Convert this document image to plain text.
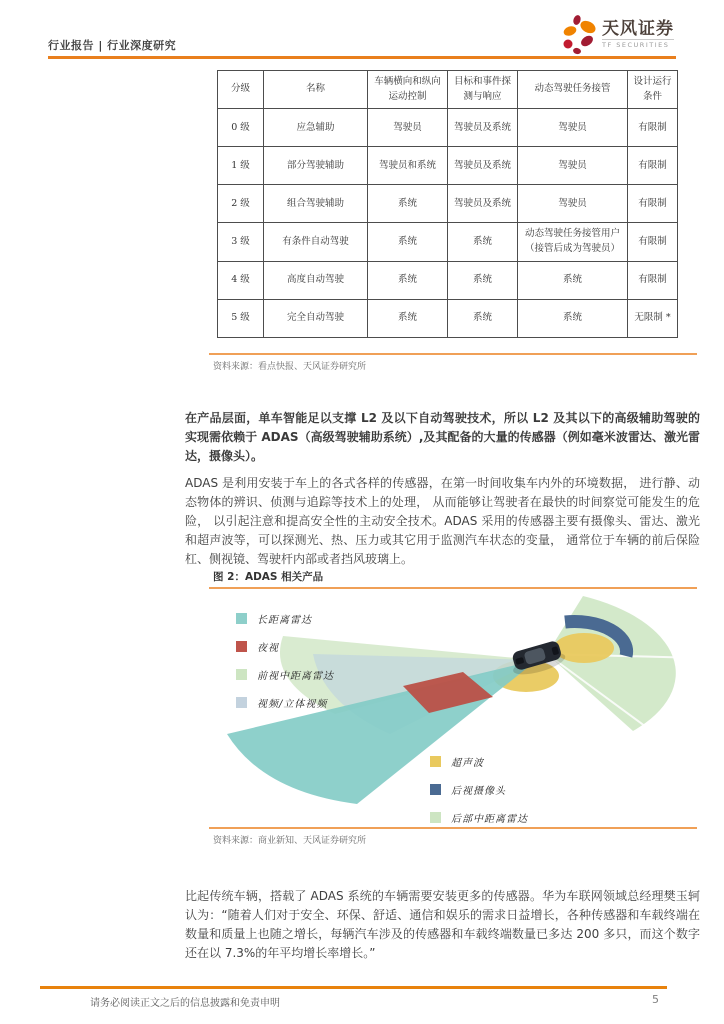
行业报告 | 行业深度研究
天风证券
TF SECURITIES
分级	名称	车辆横向和纵向运动控制	目标和事件探测与响应	动态驾驶任务接管	设计运行条件
0 级	应急辅助	驾驶员	驾驶员及系统	驾驶员	有限制
1 级	部分驾驶辅助	驾驶员和系统	驾驶员及系统	驾驶员	有限制
2 级	组合驾驶辅助	系统	驾驶员及系统	驾驶员	有限制
3 级	有条件自动驾驶	系统	系统	动态驾驶任务接管用户（接管后成为驾驶员）	有限制
4 级	高度自动驾驶	系统	系统	系统	有限制
5 级	完全自动驾驶	系统	系统	系统	无限制 *
资料来源：看点快报、天风证券研究所
在产品层面，单车智能足以支撑 L2 及以下自动驾驶技术，所以 L2 及其以下的高级辅助驾驶的实现需依赖于 ADAS（高级驾驶辅助系统）,及其配备的大量的传感器（例如毫米波雷达、激光雷达，摄像头）。
ADAS 是利用安装于车上的各式各样的传感器，在第一时间收集车内外的环境数据， 进行静、动态物体的辨识、侦测与追踪等技术上的处理， 从而能够让驾驶者在最快的时间察觉可能发生的危险， 以引起注意和提高安全性的主动安全技术。ADAS 采用的传感器主要有摄像头、雷达、激光和超声波等，可以探测光、热、压力或其它用于监测汽车状态的变量， 通常位于车辆的前后保险杠、侧视镜、驾驶杆内部或者挡风玻璃上。
图 2：ADAS 相关产品
长距离雷达
夜视
前视中距离雷达
视频/立体视频
超声波
后视摄像头
后部中距离雷达
资料来源：商业新知、天风证券研究所
比起传统车辆，搭载了 ADAS 系统的车辆需要安装更多的传感器。华为车联网领域总经理樊玉轲认为：“随着人们对于安全、环保、舒适、通信和娱乐的需求日益增长，各种传感器和车载终端在数量和质量上也随之增长，每辆汽车涉及的传感器和车载终端数量已多达 200 多只，而这个数字还在以 7.3%的年平均增长率增长。”
请务必阅读正文之后的信息披露和免责申明	5
